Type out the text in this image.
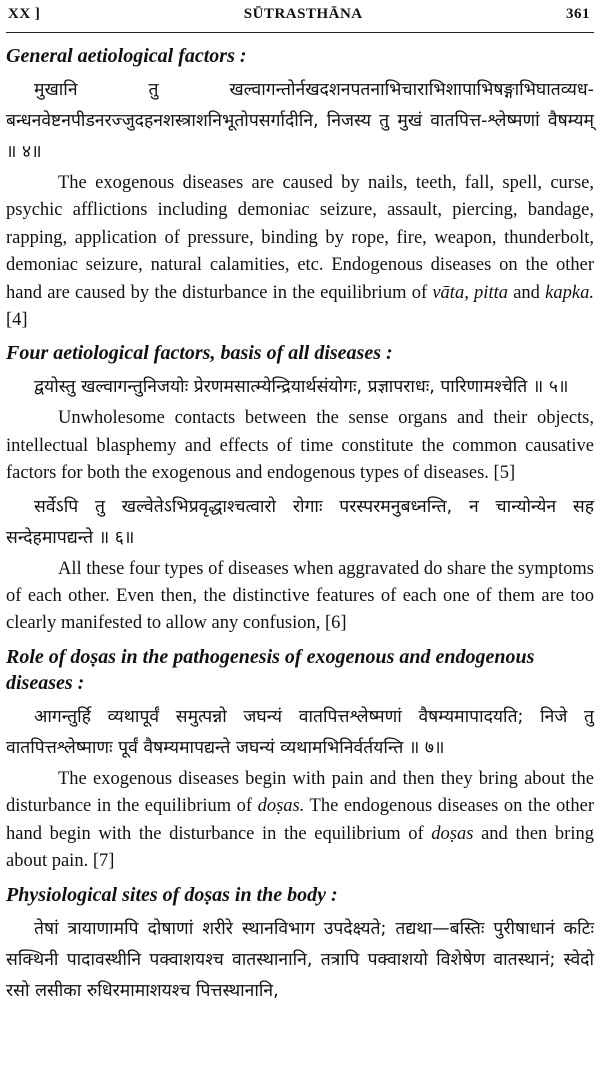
XX ]	SŪTRASTHĀNA	361
General aetiological factors :

मुखानि तु खल्वागन्तोर्नखदशनपतनाभिचाराभिशापाभिषङ्गाभिघातव्यध-बन्धनवेष्टनपीडनरज्जुदहनशस्त्राशनिभूतोपसर्गादीनि, निजस्य तु मुखं वातपित्त-श्लेष्मणां वैषम्यम् ॥ ४॥

The exogenous diseases are caused by nails, teeth, fall, spell, curse, psychic afflictions including demoniac seizure, assault, piercing, bandage, rapping, application of pressure, binding by rope, fire, weapon, thunderbolt, demoniac seizure, natural calamities, etc. Endogenous diseases on the other hand are caused by the disturbance in the equilibrium of vāta, pitta and kapka. [4]

Four aetiological factors, basis of all diseases :

द्वयोस्तु खल्वागन्तुनिजयोः प्रेरणमसात्म्येन्द्रियार्थसंयोगः, प्रज्ञापराधः, पारिणामश्चेति ॥ ५॥

Unwholesome contacts between the sense organs and their objects, intellectual blasphemy and effects of time constitute the common causative factors for both the exogenous and endogenous types of diseases. [5]

सर्वेऽपि तु खल्वेतेऽभिप्रवृद्धाश्चत्वारो रोगाः परस्परमनुबध्नन्ति, न चान्योन्येन सह सन्देहमापद्यन्ते ॥ ६॥

All these four types of diseases when aggravated do share the symptoms of each other. Even then, the distinctive features of each one of them are too clearly manifested to allow any confusion, [6]

Role of doṣas in the pathogenesis of exogenous and endogenous diseases :

आगन्तुर्हि व्यथापूर्वं समुत्पन्नो जघन्यं वातपित्तश्लेष्मणां वैषम्यमापादयति; निजे तु वातपित्तश्लेष्माणः पूर्वं वैषम्यमापद्यन्ते जघन्यं व्यथामभिनिर्वर्तयन्ति ॥ ७॥

The exogenous diseases begin with pain and then they bring about the disturbance in the equilibrium of doṣas. The endogenous diseases on the other hand begin with the disturbance in the equilibrium of doṣas and then bring about pain. [7]

Physiological sites of doṣas in the body :

तेषां त्रायाणामपि दोषाणां शरीरे स्थानविभाग उपदेक्ष्यते; तद्यथा—बस्तिः पुरीषाधानं कटिः सक्थिनी पादावस्थीनि पक्वाशयश्च वातस्थानानि, तत्रापि पक्वाशयो विशेषेण वातस्थानं; स्वेदो रसो लसीका रुधिरमामाशयश्च पित्तस्थानानि,
